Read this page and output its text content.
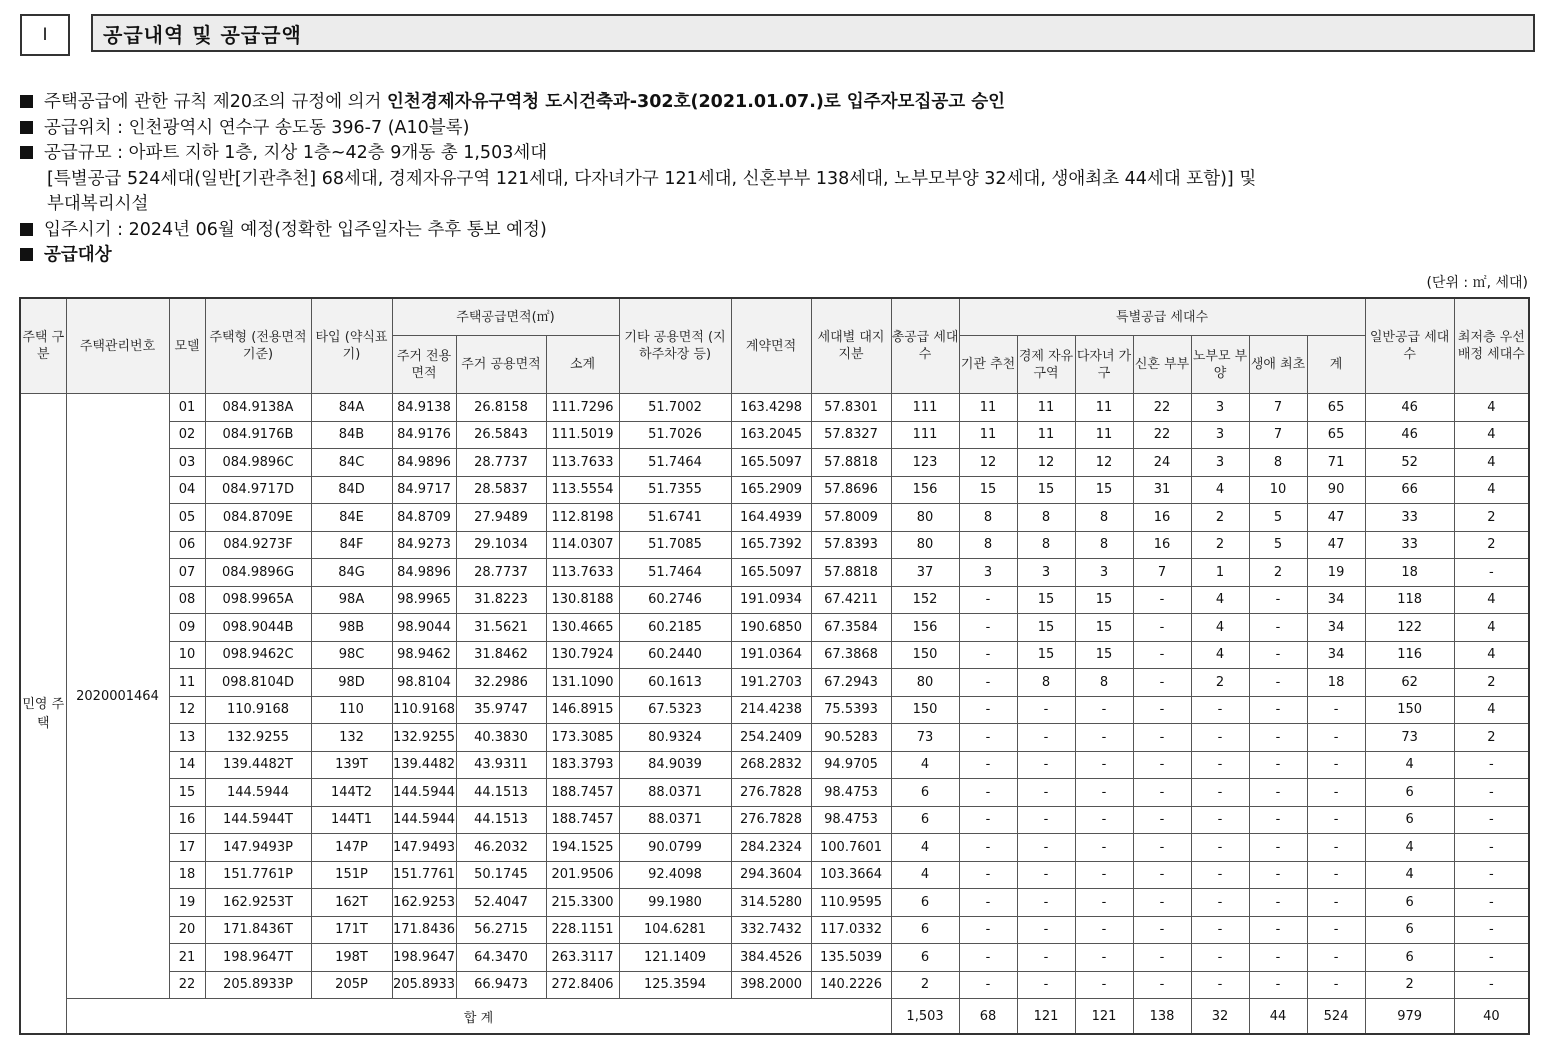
I	공급내역 및 공급금액
주택공급에 관한 규칙 제20조의 규정에 의거 인천경제자유구역청 도시건축과-302호(2021.01.07.)로 입주자모집공고 승인
공급위치 : 인천광역시 연수구 송도동 396-7 (A10블록)
공급규모 : 아파트 지하 1층, 지상 1층~42층 9개동 총 1,503세대
[특별공급 524세대(일반[기관추천] 68세대, 경제자유구역 121세대, 다자녀가구 121세대, 신혼부부 138세대, 노부모부양 32세대, 생애최초 44세대 포함)] 및
부대복리시설
입주시기 : 2024년 06월 예정(정확한 입주일자는 추후 통보 예정)
공급대상
(단위 : ㎡, 세대)
주택 구분	주택관리번호	모델	주택형 (전용면적기준)	타입 (약식표기)	주택공급면적(㎡)			기타 공용면적 (지하주차장 등)	계약면적	세대별 대지지분	총공급 세대수	특별공급 세대수							일반공급 세대수	최저층 우선배정 세대수
					주거 전용면적	주거 공용면적	소계					기관 추천	경제 자유 구역	다자녀 가구	신혼 부부	노부모 부양	생애 최초	계		
민영 주택	2020001464	01	084.9138A	84A	84.9138	26.8158	111.7296	51.7002	163.4298	57.8301	111	11	11	11	22	3	7	65	46	4
		02	084.9176B	84B	84.9176	26.5843	111.5019	51.7026	163.2045	57.8327	111	11	11	11	22	3	7	65	46	4
		03	084.9896C	84C	84.9896	28.7737	113.7633	51.7464	165.5097	57.8818	123	12	12	12	24	3	8	71	52	4
		04	084.9717D	84D	84.9717	28.5837	113.5554	51.7355	165.2909	57.8696	156	15	15	15	31	4	10	90	66	4
		05	084.8709E	84E	84.8709	27.9489	112.8198	51.6741	164.4939	57.8009	80	8	8	8	16	2	5	47	33	2
		06	084.9273F	84F	84.9273	29.1034	114.0307	51.7085	165.7392	57.8393	80	8	8	8	16	2	5	47	33	2
		07	084.9896G	84G	84.9896	28.7737	113.7633	51.7464	165.5097	57.8818	37	3	3	3	7	1	2	19	18	-
		08	098.9965A	98A	98.9965	31.8223	130.8188	60.2746	191.0934	67.4211	152	-	15	15	-	4	-	34	118	4
		09	098.9044B	98B	98.9044	31.5621	130.4665	60.2185	190.6850	67.3584	156	-	15	15	-	4	-	34	122	4
		10	098.9462C	98C	98.9462	31.8462	130.7924	60.2440	191.0364	67.3868	150	-	15	15	-	4	-	34	116	4
		11	098.8104D	98D	98.8104	32.2986	131.1090	60.1613	191.2703	67.2943	80	-	8	8	-	2	-	18	62	2
		12	110.9168	110	110.9168	35.9747	146.8915	67.5323	214.4238	75.5393	150	-	-	-	-	-	-	-	150	4
		13	132.9255	132	132.9255	40.3830	173.3085	80.9324	254.2409	90.5283	73	-	-	-	-	-	-	-	73	2
		14	139.4482T	139T	139.4482	43.9311	183.3793	84.9039	268.2832	94.9705	4	-	-	-	-	-	-	-	4	-
		15	144.5944	144T2	144.5944	44.1513	188.7457	88.0371	276.7828	98.4753	6	-	-	-	-	-	-	-	6	-
		16	144.5944T	144T1	144.5944	44.1513	188.7457	88.0371	276.7828	98.4753	6	-	-	-	-	-	-	-	6	-
		17	147.9493P	147P	147.9493	46.2032	194.1525	90.0799	284.2324	100.7601	4	-	-	-	-	-	-	-	4	-
		18	151.7761P	151P	151.7761	50.1745	201.9506	92.4098	294.3604	103.3664	4	-	-	-	-	-	-	-	4	-
		19	162.9253T	162T	162.9253	52.4047	215.3300	99.1980	314.5280	110.9595	6	-	-	-	-	-	-	-	6	-
		20	171.8436T	171T	171.8436	56.2715	228.1151	104.6281	332.7432	117.0332	6	-	-	-	-	-	-	-	6	-
		21	198.9647T	198T	198.9647	64.3470	263.3117	121.1409	384.4526	135.5039	6	-	-	-	-	-	-	-	6	-
		22	205.8933P	205P	205.8933	66.9473	272.8406	125.3594	398.2000	140.2226	2	-	-	-	-	-	-	-	2	-
	합 계										1,503	68	121	121	138	32	44	524	979	40
